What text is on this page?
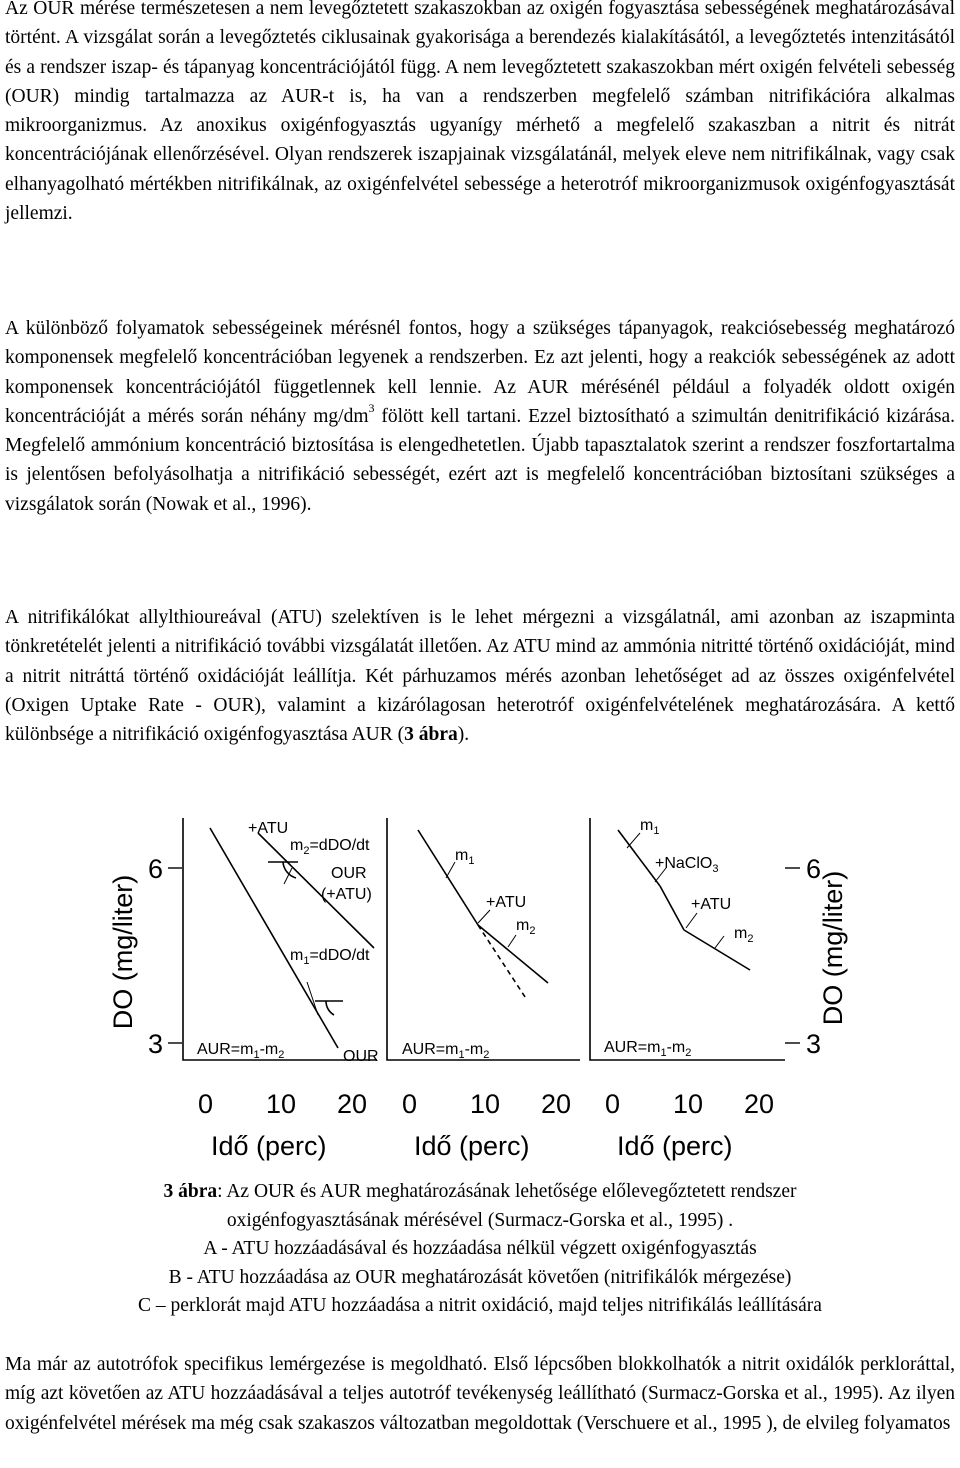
Az OUR mérése természetesen a nem levegőztetett szakaszokban az oxigén fogyasztása sebességének meghatározásával történt. A vizsgálat során a levegőztetés ciklusainak gyakorisága a berendezés kialakításától, a levegőztetés intenzitásától és a rendszer iszap- és tápanyag koncentrációjától függ. A nem levegőztetett szakaszokban mért oxigén felvételi sebesség (OUR) mindig tartalmazza az AUR-t is, ha van a rendszerben megfelelő számban nitrifikációra alkalmas mikroorganizmus. Az anoxikus oxigénfogyasztás ugyanígy mérhető a megfelelő szakaszban a nitrit és nitrát koncentrációjának ellenőrzésével. Olyan rendszerek iszapjainak vizsgálatánál, melyek eleve nem nitrifikálnak, vagy csak elhanyagolható mértékben nitrifikálnak, az oxigénfelvétel sebessége a heterotróf mikroorganizmusok oxigénfogyasztását jellemzi.

A különböző folyamatok sebességeinek mérésnél fontos, hogy a szükséges tápanyagok, reakciósebesség meghatározó komponensek megfelelő koncentrációban legyenek a rendszerben. Ez azt jelenti, hogy a reakciók sebességének az adott komponensek koncentrációjától függetlennek kell lennie. Az AUR mérésénél például a folyadék oldott oxigén koncentrációját a mérés során néhány $mg/dm^3$ fölött kell tartani. Ezzel biztosítható a szimultán denitrifikáció kizárása. Megfelelő ammónium koncentráció biztosítása is elengedhetetlen. Újabb tapasztalatok szerint a rendszer foszfortartalma is jelentősen befolyásolhatja a nitrifikáció sebességét, ezért azt is megfelelő koncentrációban biztosítani szükséges a vizsgálatok során (Nowak et al., 1996).

A nitrifikálókat allylthioureával (ATU) szelektíven is le lehet mérgezni a vizsgálatnál, ami azonban az iszapminta tönkretételét jelenti a nitrifikáció további vizsgálatát illetően. Az ATU mind az ammónia nitritté történő oxidációját, mind a nitrit nitráttá történő oxidációját leállítja. Két párhuzamos mérés azonban lehetőséget ad az összes oxigénfelvétel (Oxigen Uptake Rate - OUR), valamint a kizárólagosan heterotróf oxigénfelvételének meghatározására. A kettő különbsége a nitrifikáció oxigénfogyasztása AUR (3 ábra).

DO (mg/liter)	DO (mg/liter)
6
3
6
3
+ATU
$m_2=dDO/dt$
OUR
(+ATU)
$m_1=dDO/dt$
$AUR=m_1-m_2$	OUR
$m_1$
+ATU
$m_2$
$AUR=m_1-m_2$
$m_1$
+NaClO$_3$
+ATU
$m_2$
$AUR=m_1-m_2$
0 10 20 0 10 20 0 10 20
Idő (perc)	Idő (perc)	Idő (perc)
3 ábra: Az OUR és AUR meghatározásának lehetősége előlevegőztetett rendszer
oxigénfogyasztásának mérésével (Surmacz-Gorska et al., 1995) .
A - ATU hozzáadásával és hozzáadása nélkül végzett oxigénfogyasztás
B - ATU hozzáadása az OUR meghatározását követően (nitrifikálók mérgezése)
C – perklorát majd ATU hozzáadása a nitrit oxidáció, majd teljes nitrifikálás leállítására

Ma már az autotrófok specifikus lemérgezése is megoldható. Első lépcsőben blokkolhatók a nitrit oxidálók perkloráttal, míg azt követően az ATU hozzáadásával a teljes autotróf tevékenység leállítható (Surmacz-Gorska et al., 1995). Az ilyen oxigénfelvétel mérések ma még csak szakaszos változatban megoldottak (Verschuere et al., 1995 ), de elvileg folyamatos
